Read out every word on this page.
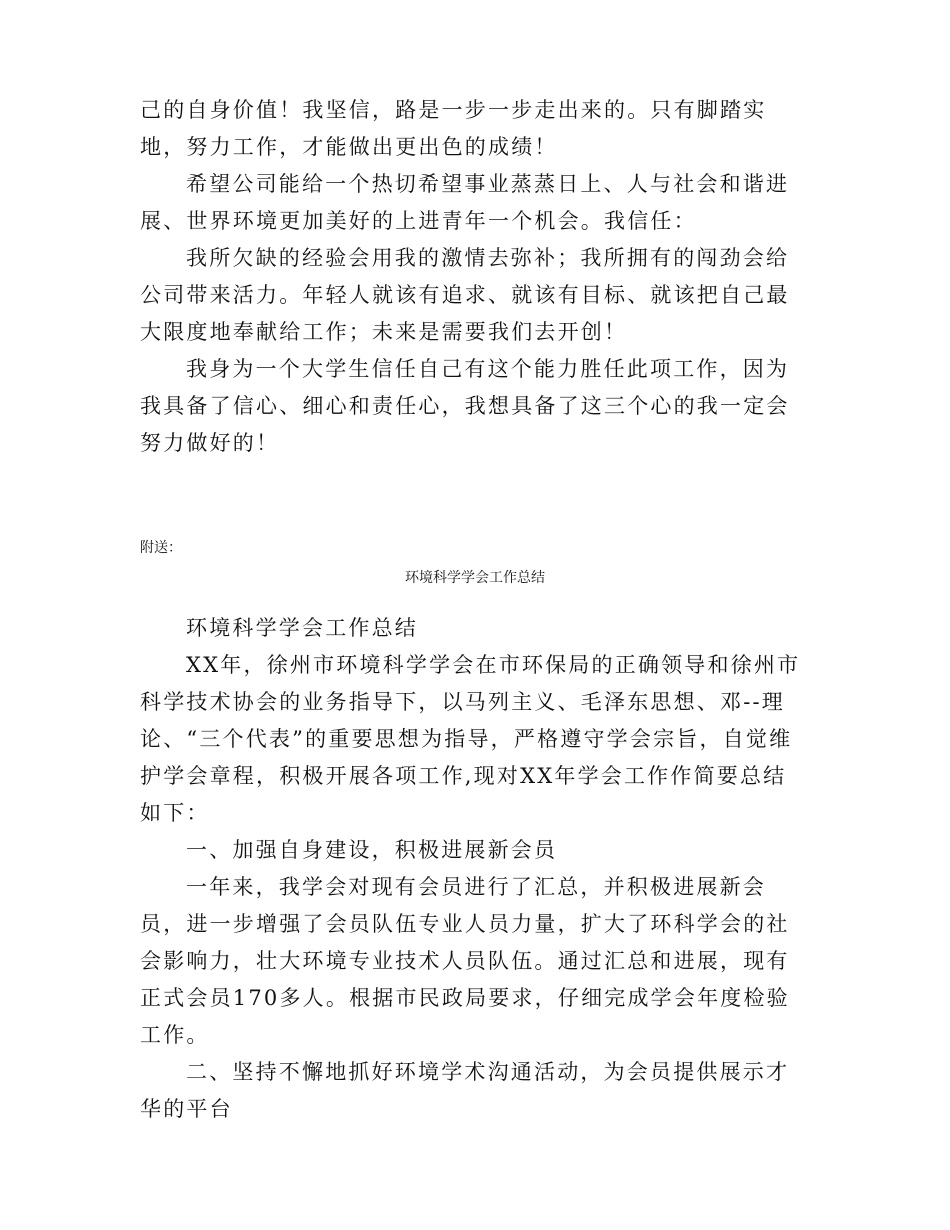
己的自身价值！我坚信，路是一步一步走出来的。只有脚踏实地，努力工作，才能做出更出色的成绩！

希望公司能给一个热切希望事业蒸蒸日上、人与社会和谐进展、世界环境更加美好的上进青年一个机会。我信任：

我所欠缺的经验会用我的激情去弥补；我所拥有的闯劲会给公司带来活力。年轻人就该有追求、就该有目标、就该把自己最大限度地奉献给工作；未来是需要我们去开创！

我身为一个大学生信任自己有这个能力胜任此项工作，因为我具备了信心、细心和责任心，我想具备了这三个心的我一定会努力做好的！

附送：

环境科学学会工作总结

环境科学学会工作总结

XX年，徐州市环境科学学会在市环保局的正确领导和徐州市科学技术协会的业务指导下，以马列主义、毛泽东思想、邓--理论、“三个代表”的重要思想为指导，严格遵守学会宗旨，自觉维护学会章程，积极开展各项工作,现对XX年学会工作作简要总结如下：

一、加强自身建设，积极进展新会员

一年来，我学会对现有会员进行了汇总，并积极进展新会员，进一步增强了会员队伍专业人员力量，扩大了环科学会的社会影响力，壮大环境专业技术人员队伍。通过汇总和进展，现有正式会员170多人。根据市民政局要求，仔细完成学会年度检验工作。

二、坚持不懈地抓好环境学术沟通活动，为会员提供展示才华的平台
